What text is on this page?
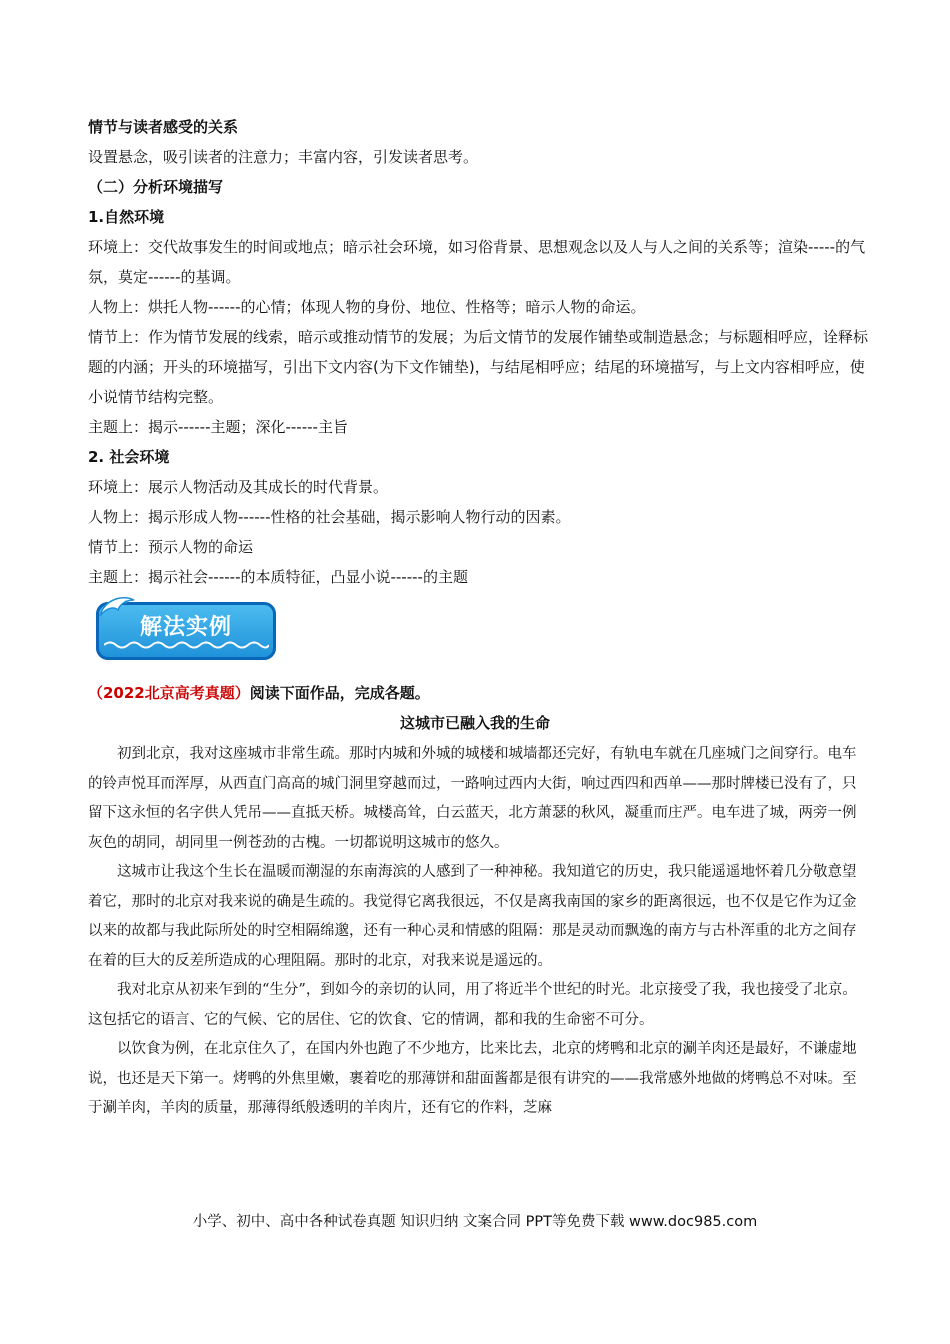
情节与读者感受的关系

设置悬念，吸引读者的注意力；丰富内容，引发读者思考。

（二）分析环境描写

1.自然环境

环境上：交代故事发生的时间或地点；暗示社会环境，如习俗背景、思想观念以及人与人之间的关系等；渲染-----的气氛，莫定------的基调。

人物上：烘托人物------的心情；体现人物的身份、地位、性格等；暗示人物的命运。

情节上：作为情节发展的线索，暗示或推动情节的发展；为后文情节的发展作铺垫或制造悬念；与标题相呼应，诠释标题的内涵；开头的环境描写，引出下文内容(为下文作铺垫)，与结尾相呼应；结尾的环境描写，与上文内容相呼应，使小说情节结构完整。

主题上：揭示------主题；深化------主旨

2. 社会环境

环境上：展示人物活动及其成长的时代背景。

人物上：揭示形成人物------性格的社会基础，揭示影响人物行动的因素。

情节上：预示人物的命运

主题上：揭示社会------的本质特征，凸显小说------的主题

解法实例
（2022北京高考真题）阅读下面作品，完成各题。
这城市已融入我的生命

初到北京，我对这座城市非常生疏。那时内城和外城的城楼和城墙都还完好，有轨电车就在几座城门之间穿行。电车的铃声悦耳而浑厚，从西直门高高的城门洞里穿越而过，一路响过西内大街，响过西四和西单——那时牌楼已没有了，只留下这永恒的名字供人凭吊——直抵天桥。城楼高耸，白云蓝天，北方萧瑟的秋风，凝重而庄严。电车进了城，两旁一例灰色的胡同，胡同里一例苍劲的古槐。一切都说明这城市的悠久。

这城市让我这个生长在温暖而潮湿的东南海滨的人感到了一种神秘。我知道它的历史，我只能遥遥地怀着几分敬意望着它，那时的北京对我来说的确是生疏的。我觉得它离我很远，不仅是离我南国的家乡的距离很远，也不仅是它作为辽金以来的故都与我此际所处的时空相隔绵邈，还有一种心灵和情感的阻隔：那是灵动而飘逸的南方与古朴浑重的北方之间存在着的巨大的反差所造成的心理阻隔。那时的北京，对我来说是遥远的。

我对北京从初来乍到的“生分”，到如今的亲切的认同，用了将近半个世纪的时光。北京接受了我，我也接受了北京。这包括它的语言、它的气候、它的居住、它的饮食、它的情调，都和我的生命密不可分。

以饮食为例，在北京住久了，在国内外也跑了不少地方，比来比去，北京的烤鸭和北京的涮羊肉还是最好，不谦虚地说，也还是天下第一。烤鸭的外焦里嫩，裹着吃的那薄饼和甜面酱都是很有讲究的——我常感外地做的烤鸭总不对味。至于涮羊肉，羊肉的质量，那薄得纸般透明的羊肉片，还有它的作料，芝麻

小学、初中、高中各种试卷真题 知识归纳 文案合同 PPT等免费下载 www.doc985.com
